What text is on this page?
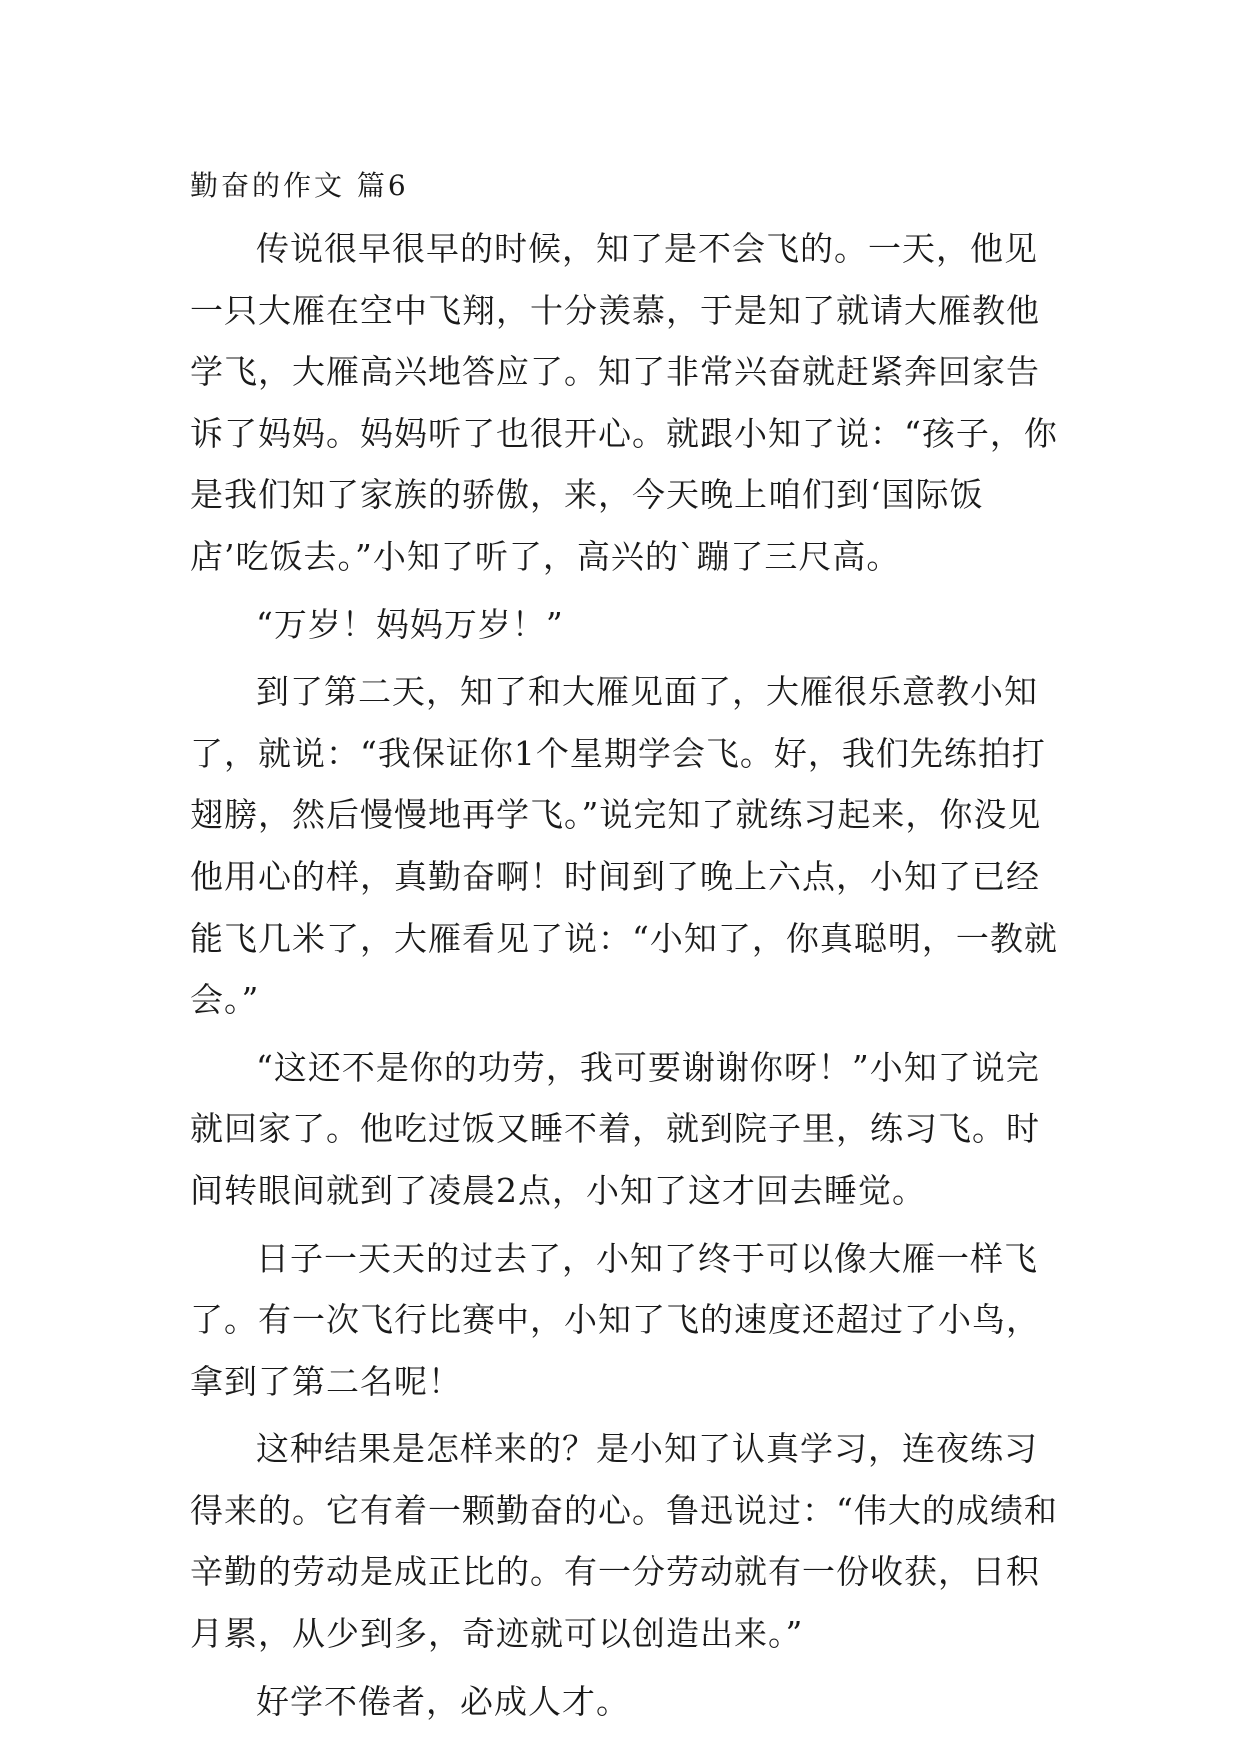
勤奋的作文 篇6

传说很早很早的时候，知了是不会飞的。一天，他见一只大雁在空中飞翔，十分羡慕，于是知了就请大雁教他学飞，大雁高兴地答应了。知了非常兴奋就赶紧奔回家告诉了妈妈。妈妈听了也很开心。就跟小知了说：“孩子，你是我们知了家族的骄傲，来，今天晚上咱们到‘国际饭店’吃饭去。”小知了听了，高兴的`蹦了三尺高。

“万岁！妈妈万岁！”

到了第二天，知了和大雁见面了，大雁很乐意教小知了，就说：“我保证你1个星期学会飞。好，我们先练拍打翅膀，然后慢慢地再学飞。”说完知了就练习起来，你没见他用心的样，真勤奋啊！时间到了晚上六点，小知了已经能飞几米了，大雁看见了说：“小知了，你真聪明，一教就会。”

“这还不是你的功劳，我可要谢谢你呀！”小知了说完就回家了。他吃过饭又睡不着，就到院子里，练习飞。时间转眼间就到了凌晨2点，小知了这才回去睡觉。

日子一天天的过去了，小知了终于可以像大雁一样飞了。有一次飞行比赛中，小知了飞的速度还超过了小鸟，拿到了第二名呢！

这种结果是怎样来的？是小知了认真学习，连夜练习得来的。它有着一颗勤奋的心。鲁迅说过：“伟大的成绩和辛勤的劳动是成正比的。有一分劳动就有一份收获，日积月累，从少到多，奇迹就可以创造出来。”

好学不倦者，必成人才。
